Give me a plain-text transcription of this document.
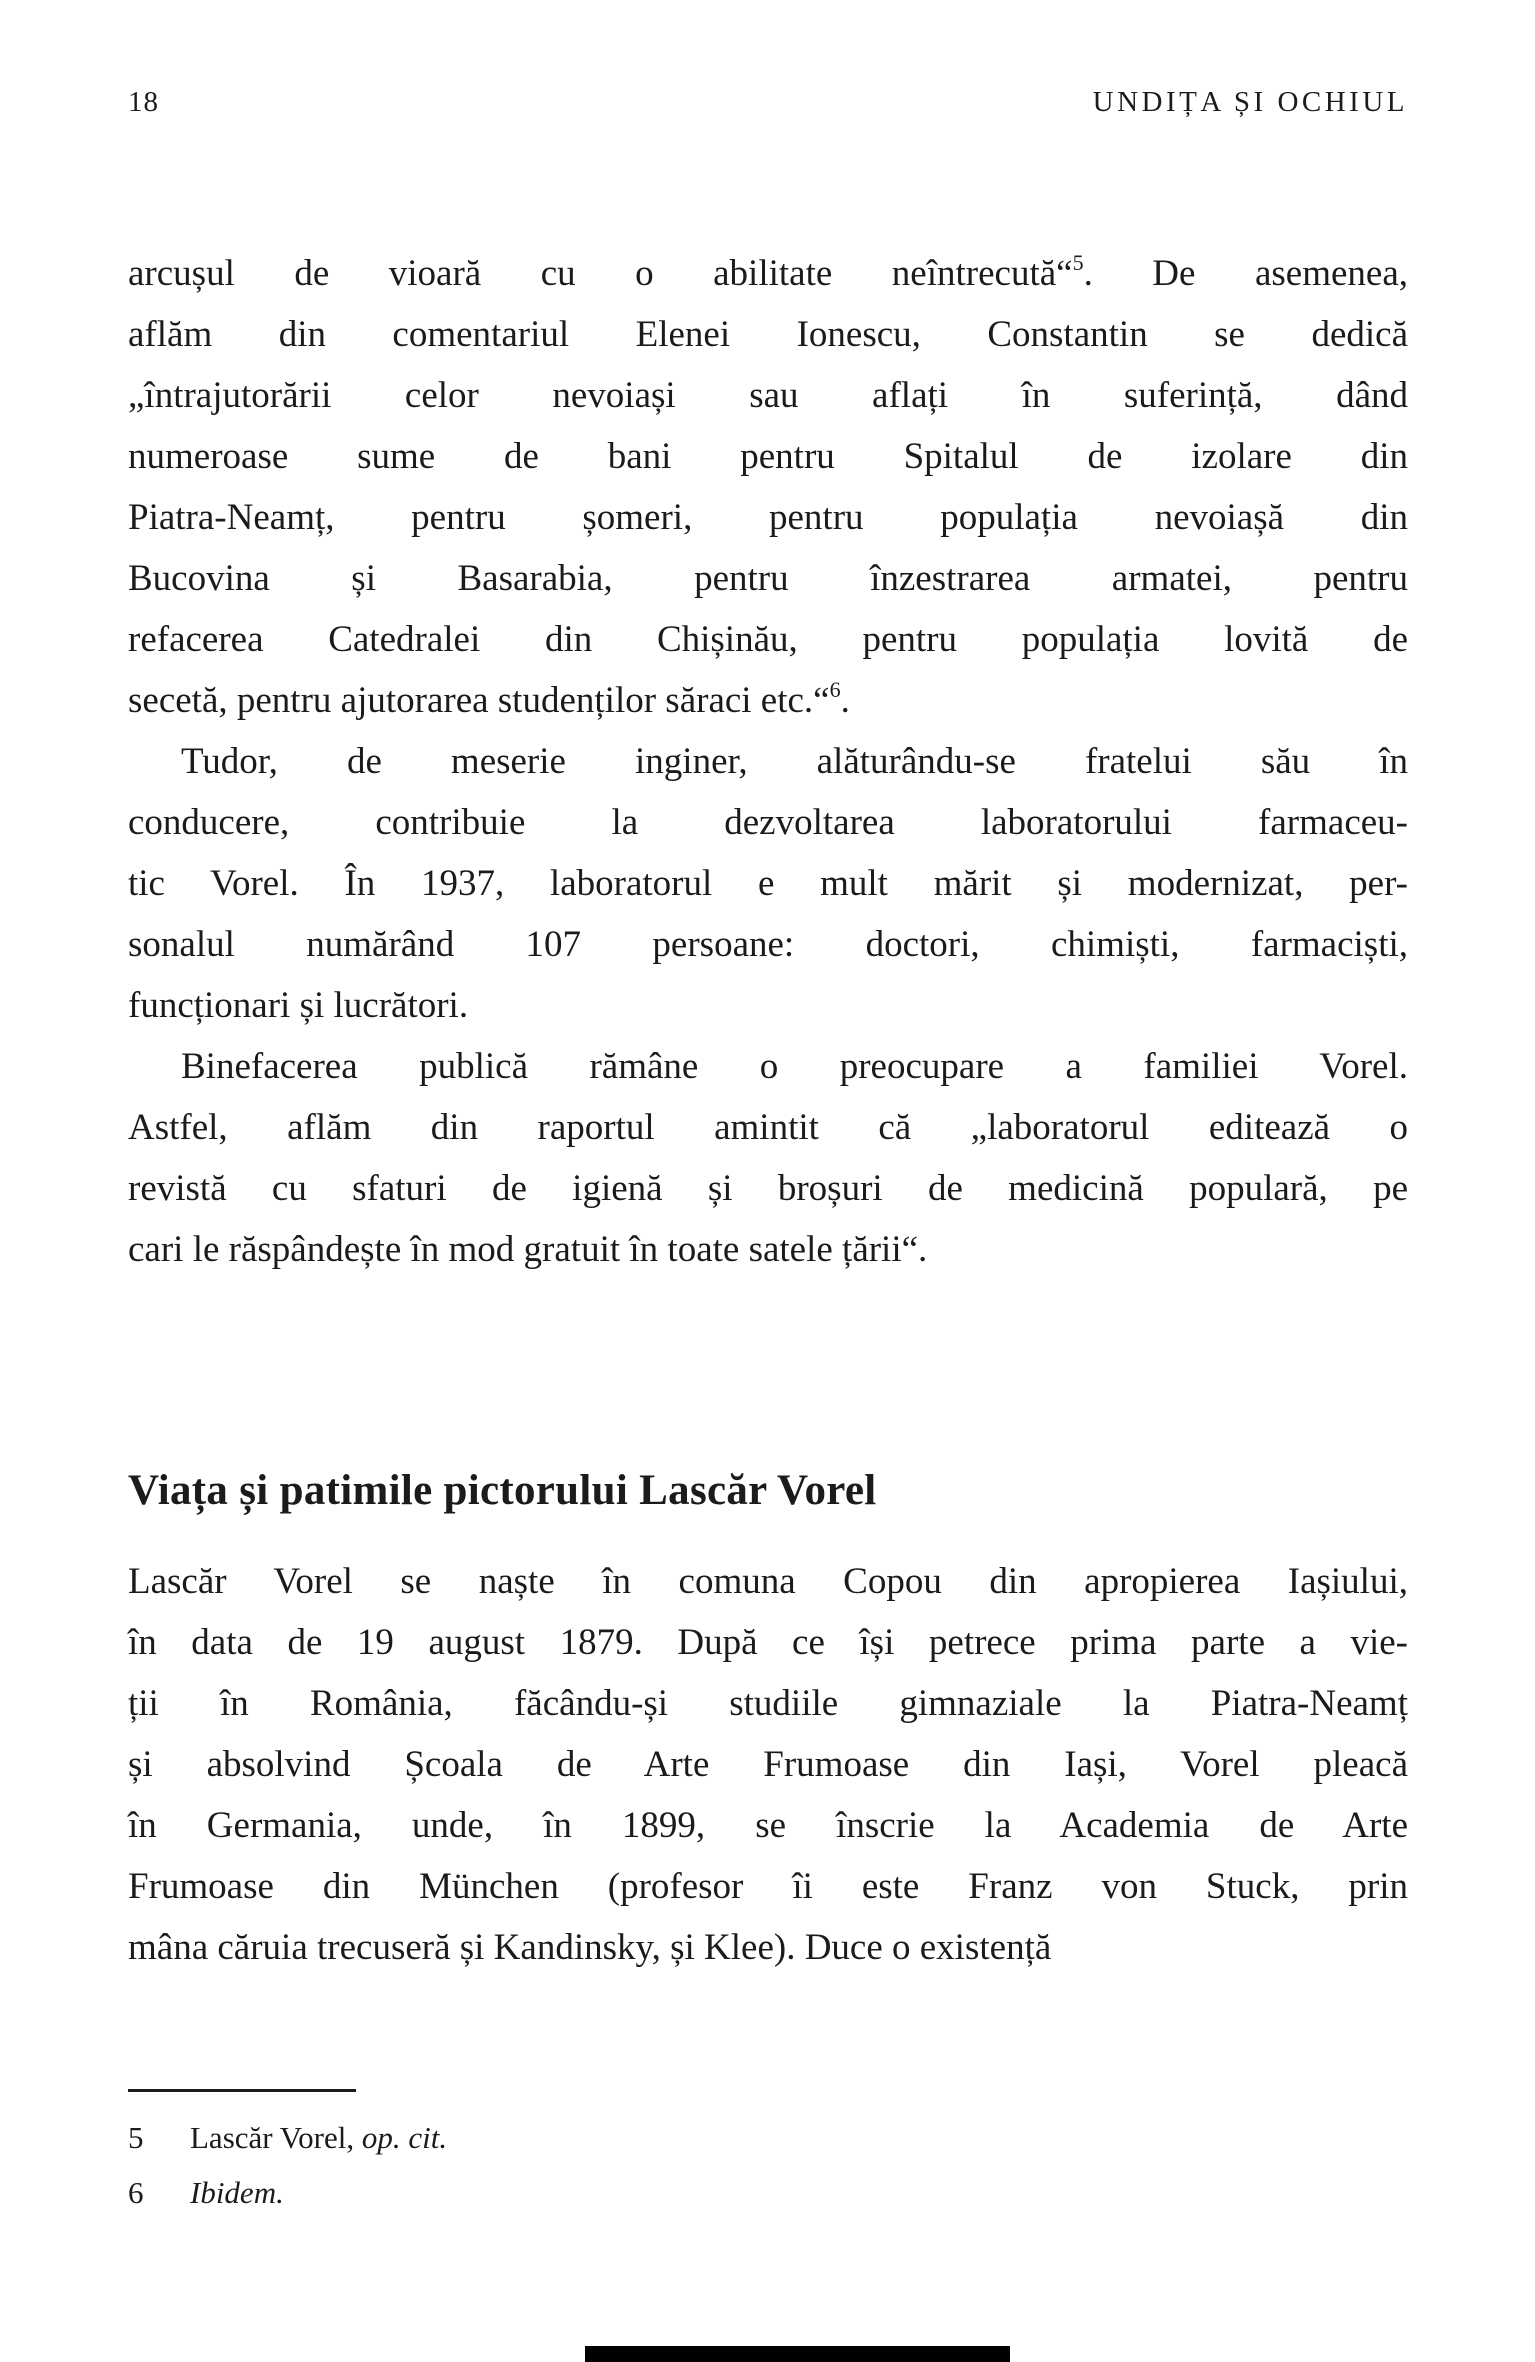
18	UNDIȚA ȘI OCHIUL
arcușul de vioară cu o abilitate neîntrecută“$^5$. De asemenea,
aflăm din comentariul Elenei Ionescu, Constantin se dedică
„întrajutorării celor nevoiași sau aflați în suferință, dând
numeroase sume de bani pentru Spitalul de izolare din
Piatra-Neamț, pentru șomeri, pentru populația nevoiașă din
Bucovina și Basarabia, pentru înzestrarea armatei, pentru
refacerea Catedralei din Chișinău, pentru populația lovită de
secetă, pentru ajutorarea studenților săraci etc.“$^6$.
Tudor, de meserie inginer, alăturându-se fratelui său în
conducere, contribuie la dezvoltarea laboratorului farmaceu-
tic Vorel. În 1937, laboratorul e mult mărit și modernizat, per-
sonalul numărând 107 persoane: doctori, chimiști, farmaciști,
funcționari și lucrători.
Binefacerea publică rămâne o preocupare a familiei Vorel.
Astfel, aflăm din raportul amintit că „laboratorul editează o
revistă cu sfaturi de igienă și broșuri de medicină populară, pe
cari le răspândește în mod gratuit în toate satele țării“.
Viața și patimile pictorului Lascăr Vorel
Lascăr Vorel se naște în comuna Copou din apropierea Iașiului,
în data de 19 august 1879. După ce își petrece prima parte a vie-
ții în România, făcându-și studiile gimnaziale la Piatra-Neamț
și absolvind Școala de Arte Frumoase din Iași, Vorel pleacă
în Germania, unde, în 1899, se înscrie la Academia de Arte
Frumoase din München (profesor îi este Franz von Stuck, prin
mâna căruia trecuseră și Kandinsky, și Klee). Duce o existență
5 Lascăr Vorel, op. cit.
6 Ibidem.
